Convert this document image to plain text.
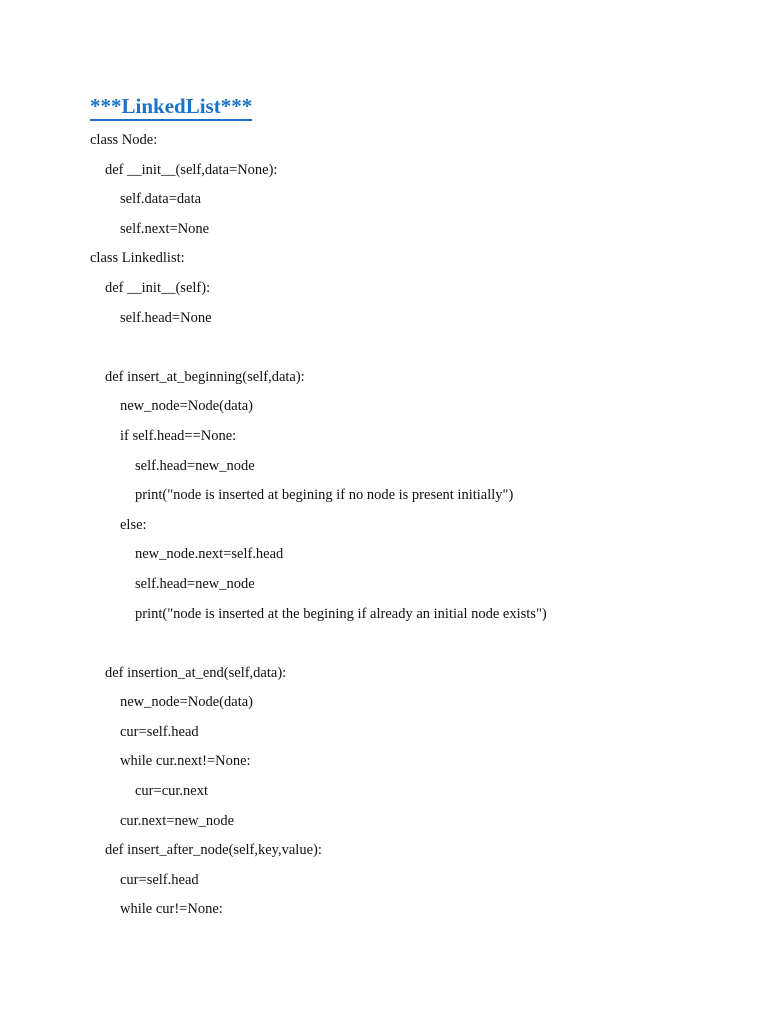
***LinkedList***
class Node:
def __init__(self,data=None):
self.data=data
self.next=None
class Linkedlist:
def __init__(self):
self.head=None
def insert_at_beginning(self,data):
new_node=Node(data)
if self.head==None:
self.head=new_node
print("node is inserted at begining if no node is present initially")
else:
new_node.next=self.head
self.head=new_node
print("node is inserted at the begining if already an initial node exists")
def insertion_at_end(self,data):
new_node=Node(data)
cur=self.head
while cur.next!=None:
cur=cur.next
cur.next=new_node
def insert_after_node(self,key,value):
cur=self.head
while cur!=None:
